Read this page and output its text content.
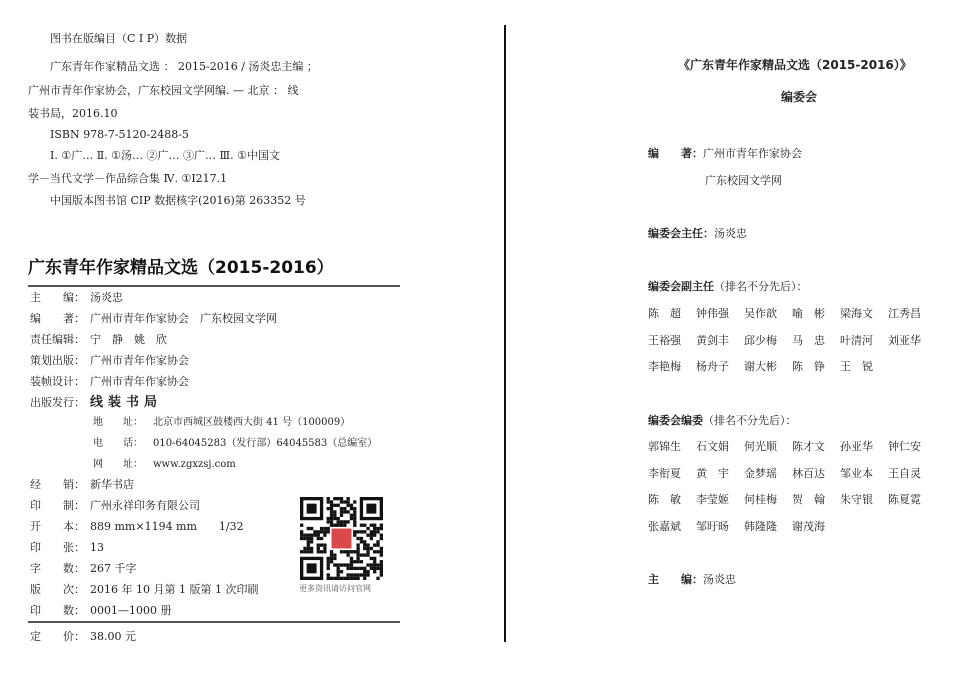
图书在版编目（C I P）数据
广东青年作家精品文选 ： 2015-2016 / 汤炎忠主编 ；
广州市青年作家协会，广东校园文学网编. — 北京 ： 线
装书局，2016.10
ISBN 978-7-5120-2488-5
Ⅰ. ①广… Ⅱ. ①汤… ②广… ③广… Ⅲ. ①中国文
学－当代文学－作品综合集 Ⅳ. ①I217.1
中国版本图书馆 CIP 数据核字(2016)第 263352 号
广东青年作家精品文选（2015-2016）
主　　编： 汤炎忠
编　　著： 广州市青年作家协会　广东校园文学网
责任编辑： 宁　静　姚　欣
策划出版： 广州市青年作家协会
装帧设计： 广州市青年作家协会
出版发行： 线装书局
地　　址： 北京市西城区鼓楼西大街 41 号（100009）
电　　话： 010-64045283（发行部）64045583（总编室）
网　　址： www.zgxzsj.com
经　　销： 新华书店
印　　制： 广州永祥印务有限公司
开　　本： 889 mm×1194 mm　　1/32
印　　张： 13
字　　数： 267 千字
版　　次： 2016 年 10 月第 1 版第 1 次印刷
印　　数： 0001—1000 册
定　　价： 38.00 元
更多资讯请访问官网
《广东青年作家精品文选（2015-2016）》
编委会
编　　著：广州市青年作家协会
广东校园文学网
编委会主任：汤炎忠
编委会副主任（排名不分先后）：
陈　超 钟伟强 吴作歆 喻　彬 梁海文 江秀昌
王裕强 黄剑丰 邱少梅 马　忠 叶清河 刘亚华
李艳梅 杨舟子 谢大彬 陈　铮 王　锐
编委会编委（排名不分先后）：
郭锦生 石文娟 何光顺 陈才文 孙亚华 钟仁安
李衔夏 黄　宇 金梦瑶 林百达 邹业本 王自灵
陈　敏 李莹姬 何桂梅 贺　翰 朱守银 陈夏霓
张嘉斌 邹旴旸 韩隆隆 谢茂海
主　　编：汤炎忠
